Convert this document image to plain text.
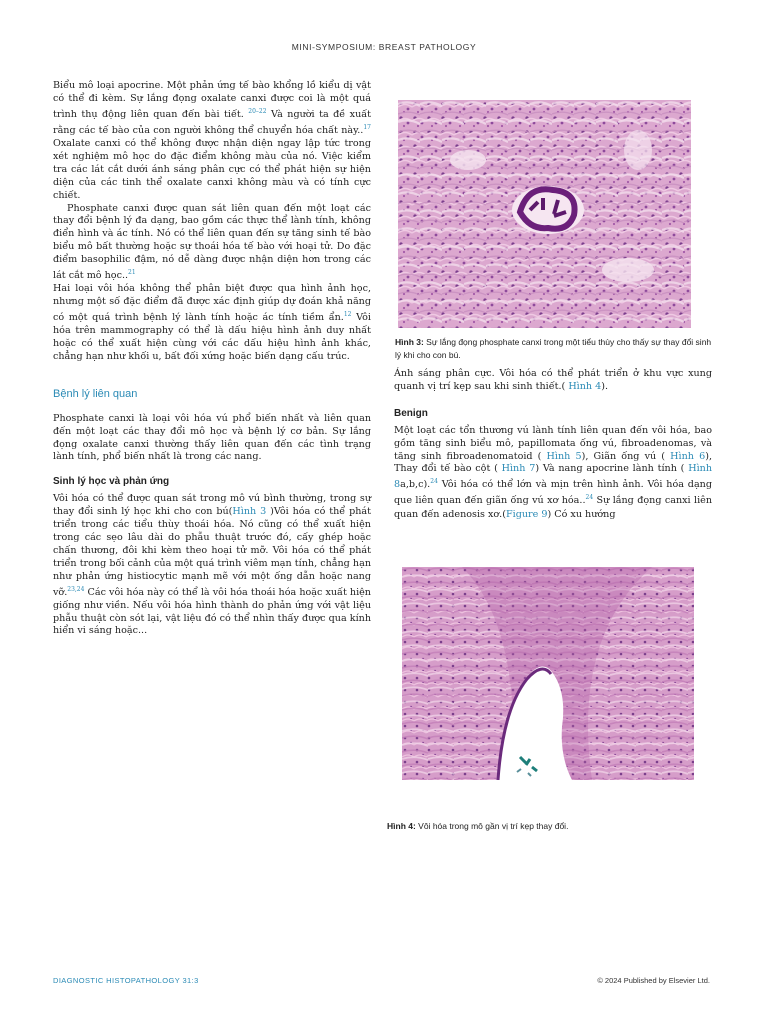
MINI-SYMPOSIUM: BREAST PATHOLOGY

Biểu mô loại apocrine. Một phản ứng tế bào khổng lồ kiểu dị vật có thể đi kèm. Sự lắng đọng oxalate canxi được coi là một quá trình thụ động liên quan đến bài tiết. $^{20-22}$ Và người ta đề xuất rằng các tế bào của con người không thể chuyển hóa chất này..$^{17}$ Oxalate canxi có thể không được nhận diện ngay lập tức trong xét nghiệm mô học do đặc điểm không màu của nó. Việc kiểm tra các lát cắt dưới ánh sáng phân cực có thể phát hiện sự hiện diện của các tinh thể oxalate canxi không màu và có tính cực chiết.

Phosphate canxi được quan sát liên quan đến một loạt các thay đổi bệnh lý đa dạng, bao gồm các thực thể lành tính, không điển hình và ác tính. Nó có thể liên quan đến sự tăng sinh tế bào biểu mô bất thường hoặc sự thoái hóa tế bào với hoại tử. Do đặc điểm basophilic đậm, nó dễ dàng được nhận diện hơn trong các lát cắt mô học..$^{21}$

Hai loại vôi hóa không thể phân biệt được qua hình ảnh học, nhưng một số đặc điểm đã được xác định giúp dự đoán khả năng có một quá trình bệnh lý lành tính hoặc ác tính tiềm ẩn.$^{12}$ Vôi hóa trên mammography có thể là dấu hiệu hình ảnh duy nhất hoặc có thể xuất hiện cùng với các dấu hiệu hình ảnh khác, chẳng hạn như khối u, bất đối xứng hoặc biến dạng cấu trúc.

Bệnh lý liên quan

Phosphate canxi là loại vôi hóa vú phổ biến nhất và liên quan đến một loạt các thay đổi mô học và bệnh lý cơ bản. Sự lắng đọng oxalate canxi thường thấy liên quan đến các tình trạng lành tính, phổ biến nhất là trong các nang.

Sinh lý học và phản ứng

Vôi hóa có thể được quan sát trong mô vú bình thường, trong sự thay đổi sinh lý học khi cho con bú(Hình 3 )Vôi hóa có thể phát triển trong các tiểu thùy thoái hóa. Nó cũng có thể xuất hiện trong các sẹo lâu dài do phẫu thuật trước đó, cấy ghép hoặc chấn thương, đôi khi kèm theo hoại tử mỡ. Vôi hóa có thể phát triển trong bối cảnh của một quá trình viêm mạn tính, chẳng hạn như phản ứng histiocytic mạnh mẽ với một ống dẫn hoặc nang vỡ.$^{23,24}$ Các vôi hóa này có thể là vôi hóa thoái hóa hoặc xuất hiện giống như viền. Nếu vôi hóa hình thành do phản ứng với vật liệu phẫu thuật còn sót lại, vật liệu đó có thể nhìn thấy được qua kính hiển vi sáng hoặc...

Hình 3: Sự lắng đọng phosphate canxi trong một tiểu thùy cho thấy sự thay đổi sinh lý khi cho con bú.

Ánh sáng phân cực. Vôi hóa có thể phát triển ở khu vực xung quanh vị trí kẹp sau khi sinh thiết.( Hình 4).

Benign

Một loạt các tổn thương vú lành tính liên quan đến vôi hóa, bao gồm tăng sinh biểu mô, papillomata ống vú, fibroadenomas, và tăng sinh fibroadenomatoid ( Hình 5), Giãn ống vú ( Hình 6), Thay đổi tế bào cột ( Hình 7) Và nang apocrine lành tính ( Hình 8a,b,c).$^{24}$ Vôi hóa có thể lớn và mịn trên hình ảnh. Vôi hóa dạng que liên quan đến giãn ống vú xơ hóa..$^{24}$ Sự lắng đọng canxi liên quan đến adenosis xơ.(Figure 9) Có xu hướng

Hình 4: Vôi hóa trong mô gần vị trí kẹp thay đổi.
DIAGNOSTIC HISTOPATHOLOGY 31:3	© 2024 Published by Elsevier Ltd.
